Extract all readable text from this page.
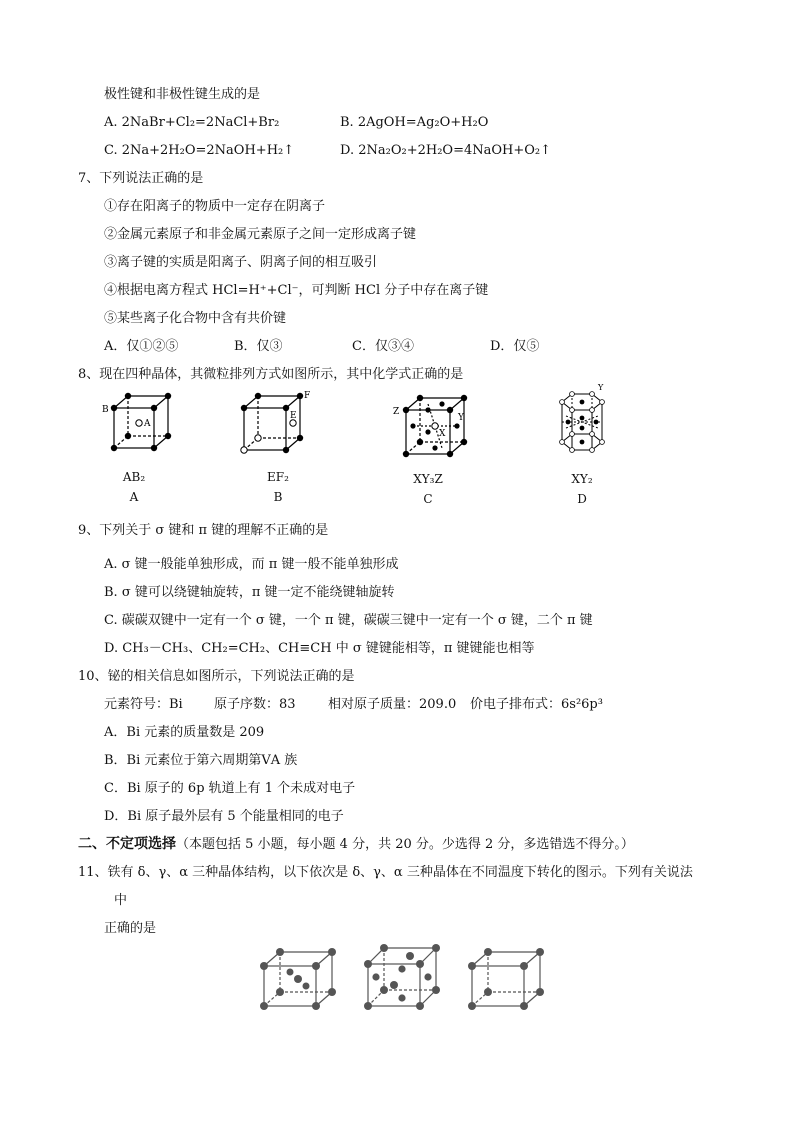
极性键和非极性键生成的是
A. 2NaBr+Cl₂=2NaCl+Br₂	B. 2AgOH=Ag₂O+H₂O
C. 2Na+2H₂O=2NaOH+H₂↑	D. 2Na₂O₂+2H₂O=4NaOH+O₂↑
7、下列说法正确的是
①存在阳离子的物质中一定存在阴离子
②金属元素原子和非金属元素原子之间一定形成离子键
③离子键的实质是阳离子、阴离子间的相互吸引
④根据电离方程式 HCl=H⁺+Cl⁻，可判断 HCl 分子中存在离子键
⑤某些离子化合物中含有共价键
A．仅①②⑤	B．仅③	C．仅③④	D．仅⑤
8、现在四种晶体，其微粒排列方式如图所示，其中化学式正确的是
B
A
AB₂
A
F
E
EF₂
B
Z
Y
X
XY₃Z
C
Y
XY₂
D
9、下列关于 σ 键和 π 键的理解不正确的是
A. σ 键一般能单独形成，而 π 键一般不能单独形成
B. σ 键可以绕键轴旋转，π 键一定不能绕键轴旋转
C. 碳碳双键中一定有一个 σ 键，一个 π 键，碳碳三键中一定有一个 σ 键，二个 π 键
D. CH₃－CH₃、CH₂=CH₂、CH≡CH 中 σ 键键能相等，π 键键能也相等
10、铋的相关信息如图所示，下列说法正确的是
元素符号：Bi 原子序数：83 相对原子质量：209.0 价电子排布式：6s²6p³
A．Bi 元素的质量数是 209
B．Bi 元素位于第六周期第ⅤA 族
C．Bi 原子的 6p 轨道上有 1 个未成对电子
D．Bi 原子最外层有 5 个能量相同的电子
二、不定项选择（本题包括 5 小题，每小题 4 分，共 20 分。少选得 2 分，多选错选不得分。）
11、铁有 δ、γ、α 三种晶体结构，以下依次是 δ、γ、α 三种晶体在不同温度下转化的图示。下列有关说法
中
正确的是
